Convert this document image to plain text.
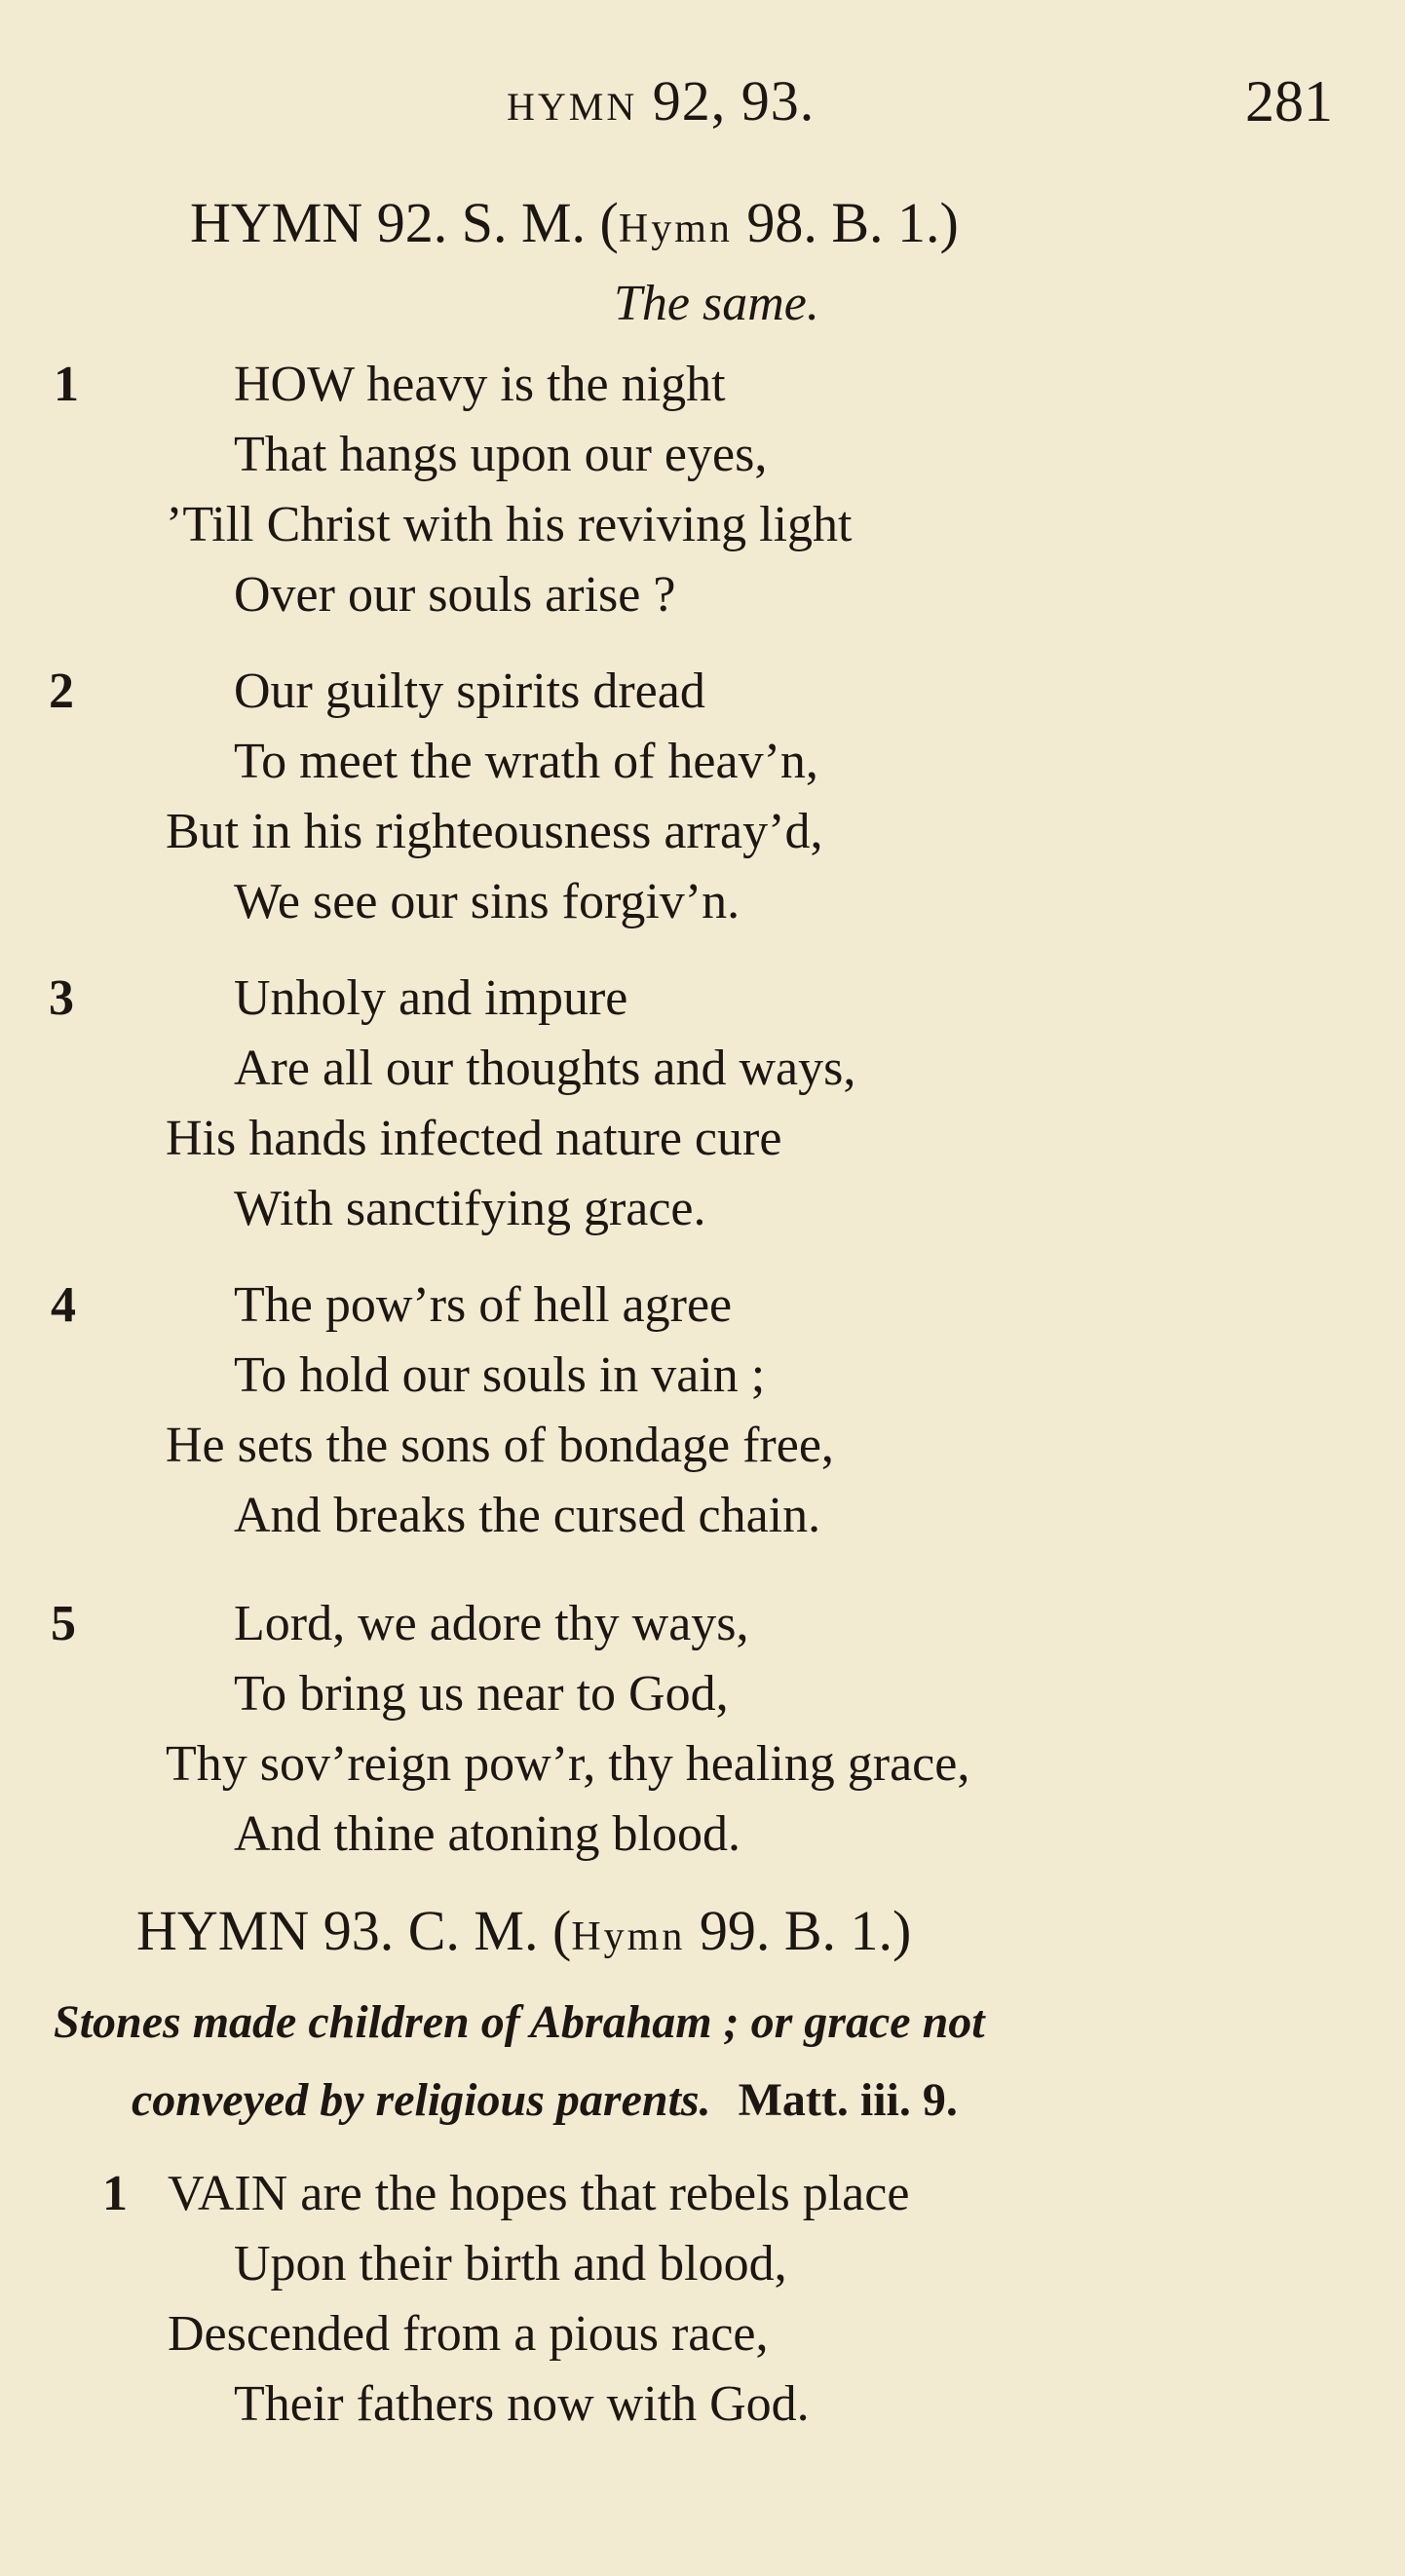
HYMN 92, 93.	281
HYMN 92. S. M. (Hymn 98. B. 1.)
The same.
1	HOW heavy is the night
That hangs upon our eyes,
’Till Christ with his reviving light
Over our souls arise ?
2	Our guilty spirits dread
To meet the wrath of heav’n,
But in his righteousness array’d,
We see our sins forgiv’n.
3	Unholy and impure
Are all our thoughts and ways,
His hands infected nature cure
With sanctifying grace.
4	The pow’rs of hell agree
To hold our souls in vain ;
He sets the sons of bondage free,
And breaks the cursed chain.
5	Lord, we adore thy ways,
To bring us near to God,
Thy sov’reign pow’r, thy healing grace,
And thine atoning blood.
HYMN 93. C. M. (Hymn 99. B. 1.)
Stones made children of Abraham ; or grace not
conveyed by religious parents. Matt. iii. 9.
1 VAIN are the hopes that rebels place
Upon their birth and blood,
Descended from a pious race,
Their fathers now with God.
